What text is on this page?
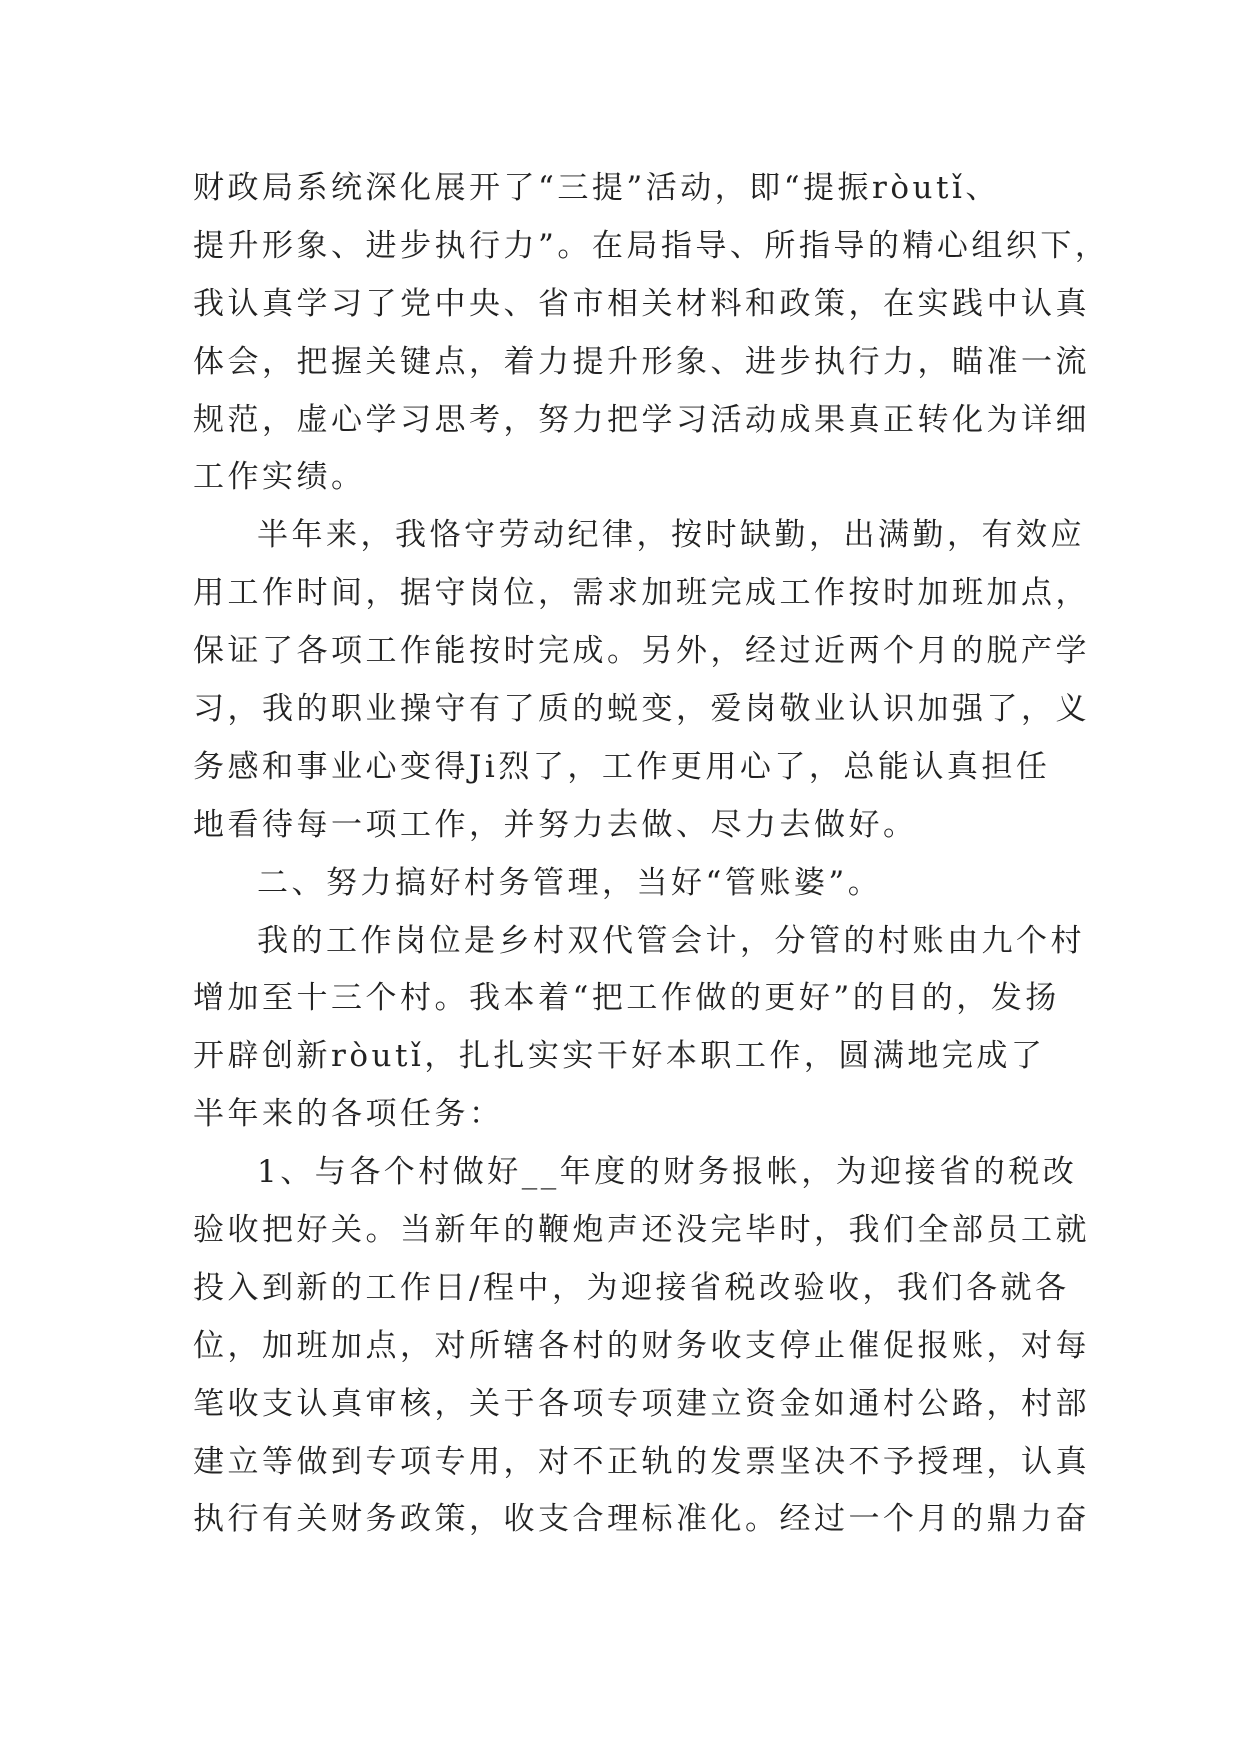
财政局系统深化展开了“三提”活动，即“提振ròutǐ、
提升形象、进步执行力”。在局指导、所指导的精心组织下，
我认真学习了党中央、省市相关材料和政策，在实践中认真
体会，把握关键点，着力提升形象、进步执行力，瞄准一流
规范，虚心学习思考，努力把学习活动成果真正转化为详细
工作实绩。
半年来，我恪守劳动纪律，按时缺勤，出满勤，有效应
用工作时间，据守岗位，需求加班完成工作按时加班加点，
保证了各项工作能按时完成。另外，经过近两个月的脱产学
习，我的职业操守有了质的蜕变，爱岗敬业认识加强了，义
务感和事业心变得Ji烈了，工作更用心了，总能认真担任
地看待每一项工作，并努力去做、尽力去做好。
二、努力搞好村务管理，当好“管账婆”。
我的工作岗位是乡村双代管会计，分管的村账由九个村
增加至十三个村。我本着“把工作做的更好”的目的，发扬
开辟创新ròutǐ，扎扎实实干好本职工作，圆满地完成了
半年来的各项任务：
1、与各个村做好__年度的财务报帐，为迎接省的税改
验收把好关。当新年的鞭炮声还没完毕时，我们全部员工就
投入到新的工作日/程中，为迎接省税改验收，我们各就各
位，加班加点，对所辖各村的财务收支停止催促报账，对每
笔收支认真审核，关于各项专项建立资金如通村公路，村部
建立等做到专项专用，对不正轨的发票坚决不予授理，认真
执行有关财务政策，收支合理标准化。经过一个月的鼎力奋
